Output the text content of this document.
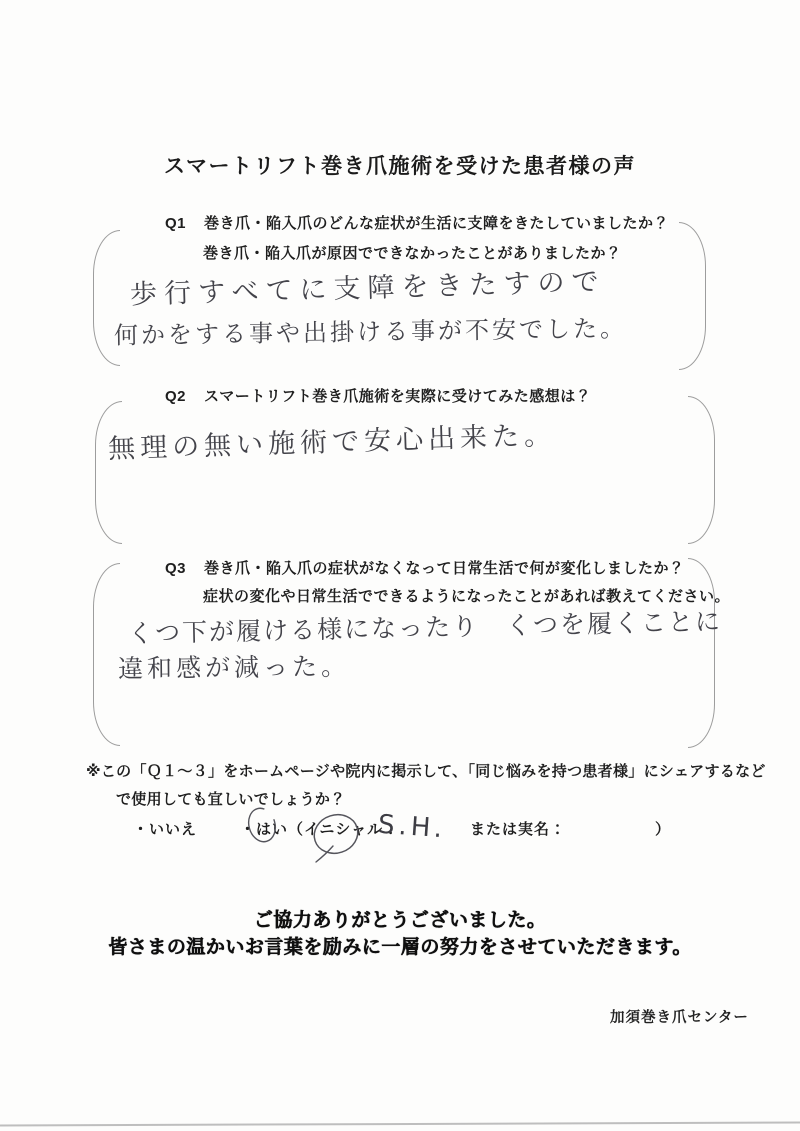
スマートリフト巻き爪施術を受けた患者様の声
Q1 巻き爪・陥入爪のどんな症状が生活に支障をきたしていましたか？
巻き爪・陥入爪が原因でできなかったことがありましたか？
歩行すべてに支障をきたすので
何かをする事や出掛ける事が不安でした。
Q2 スマートリフト巻き爪施術を実際に受けてみた感想は？
無理の無い施術で安心出来た。
Q3 巻き爪・陥入爪の症状がなくなって日常生活で何が変化しましたか？
症状の変化や日常生活でできるようになったことがあれば教えてください。
くつ下が履ける様になったり　くつを履くことに
違和感が減った。
※この「Ｑ１～３」をホームページや院内に掲示して、「同じ悩みを持つ患者様」にシェアするなど
で使用しても宜しいでしょうか？
・いいえ	・はい（イニシャル：
S.H. または実名：	）
ご協力ありがとうございました。
皆さまの温かいお言葉を励みに一層の努力をさせていただきます。
加須巻き爪センター
